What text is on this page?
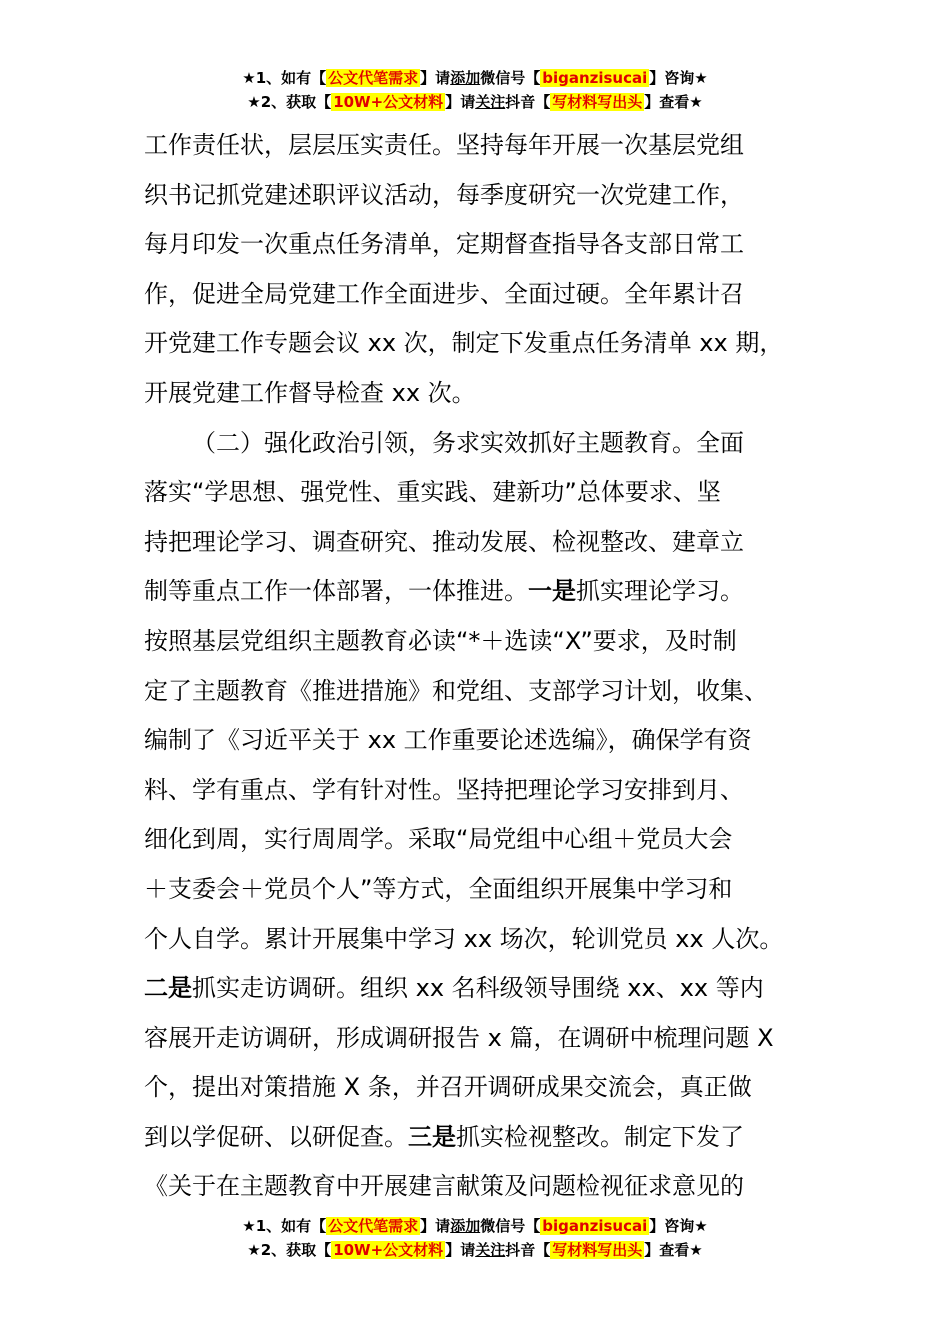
★1、如有【 公文代笔需求 】请添加微信号【 biganzisucai 】咨询★
★2、获取【 10W+公文材料 】请关注抖音【 写材料写出头 】查看★
工作责任状，层层压实责任。坚持每年开展一次基层党组
织书记抓党建述职评议活动，每季度研究一次党建工作，
每月印发一次重点任务清单，定期督查指导各支部日常工
作，促进全局党建工作全面进步、全面过硬。全年累计召
开党建工作专题会议 xx 次，制定下发重点任务清单 xx 期，
开展党建工作督导检查 xx 次。
（二）强化政治引领，务求实效抓好主题教育。全面
落实“学思想、强党性、重实践、建新功”总体要求、坚
持把理论学习、调查研究、推动发展、检视整改、建章立
制等重点工作一体部署，一体推进。一是抓实理论学习。
按照基层党组织主题教育必读“*＋选读“X”要求，及时制
定了主题教育《推进措施》和党组、支部学习计划，收集、
编制了《习近平关于 xx 工作重要论述选编》，确保学有资
料、学有重点、学有针对性。坚持把理论学习安排到月、
细化到周，实行周周学。采取“局党组中心组＋党员大会
＋支委会＋党员个人”等方式，全面组织开展集中学习和
个人自学。累计开展集中学习 xx 场次，轮训党员 xx 人次。
二是抓实走访调研。组织 xx 名科级领导围绕 xx、xx 等内
容展开走访调研，形成调研报告 x 篇，在调研中梳理问题 X
个，提出对策措施 X 条，并召开调研成果交流会，真正做
到以学促研、以研促查。三是抓实检视整改。制定下发了
《关于在主题教育中开展建言献策及问题检视征求意见的
★1、如有【 公文代笔需求 】请添加微信号【 biganzisucai 】咨询★
★2、获取【 10W+公文材料 】请关注抖音【 写材料写出头 】查看★
